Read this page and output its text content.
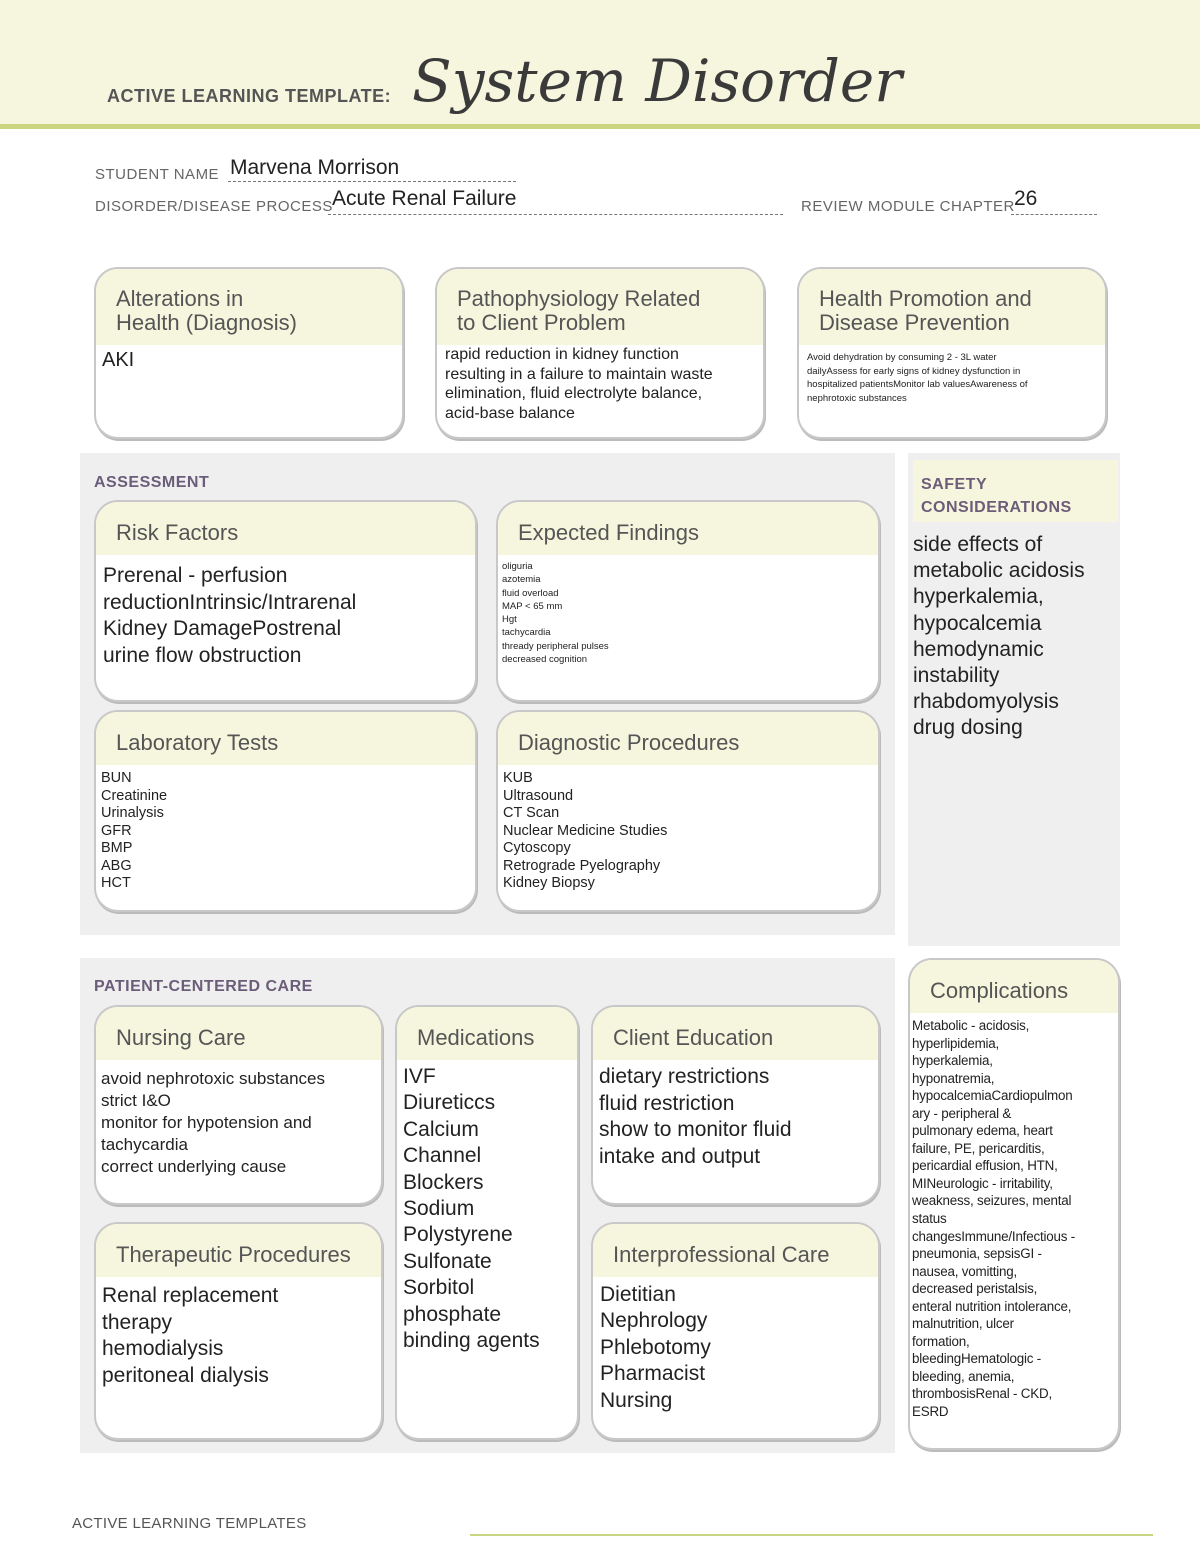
ACTIVE LEARNING TEMPLATE: System Disorder
STUDENT NAME Marvena Morrison
DISORDER/DISEASE PROCESS Acute Renal Failure	REVIEW MODULE CHAPTER 26
Alterations in
Health (Diagnosis)
AKI
Pathophysiology Related
to Client Problem
rapid reduction in kidney function
resulting in a failure to maintain waste
elimination, fluid electrolyte balance,
acid-base balance
Health Promotion and
Disease Prevention
Avoid dehydration by consuming 2 - 3L water
dailyAssess for early signs of kidney dysfunction in
hospitalized patientsMonitor lab valuesAwareness of
nephrotoxic substances
ASSESSMENT
Risk Factors
Prerenal - perfusion
reductionIntrinsic/Intrarenal
Kidney DamagePostrenal
urine flow obstruction
Expected Findings
oliguria
azotemia
fluid overload
MAP < 65 mm
Hgt
tachycardia
thready peripheral pulses
decreased cognition
Laboratory Tests
BUN
Creatinine
Urinalysis
GFR
BMP
ABG
HCT
Diagnostic Procedures
KUB
Ultrasound
CT Scan
Nuclear Medicine Studies
Cytoscopy
Retrograde Pyelography
Kidney Biopsy
SAFETY
CONSIDERATIONS
side effects of
metabolic acidosis
hyperkalemia,
hypocalcemia
hemodynamic
instability
rhabdomyolysis
drug dosing
PATIENT-CENTERED CARE
Nursing Care
avoid nephrotoxic substances
strict I&O
monitor for hypotension and
tachycardia
correct underlying cause
Medications
IVF
Diureticcs
Calcium
Channel
Blockers
Sodium
Polystyrene
Sulfonate
Sorbitol
phosphate
binding agents
Client Education
dietary restrictions
fluid restriction
show to monitor fluid
intake and output
Therapeutic Procedures
Renal replacement
therapy
hemodialysis
peritoneal dialysis
Interprofessional Care
Dietitian
Nephrology
Phlebotomy
Pharmacist
Nursing
Complications
Metabolic - acidosis,
hyperlipidemia,
hyperkalemia,
hyponatremia,
hypocalcemiaCardiopulmon
ary - peripheral &
pulmonary edema, heart
failure, PE, pericarditis,
pericardial effusion, HTN,
MINeurologic - irritability,
weakness, seizures, mental
status
changesImmune/Infectious -
pneumonia, sepsisGI -
nausea, vomitting,
decreased peristalsis,
enteral nutrition intolerance,
malnutrition, ulcer
formation,
bleedingHematologic -
bleeding, anemia,
thrombosisRenal - CKD,
ESRD
ACTIVE LEARNING TEMPLATES
